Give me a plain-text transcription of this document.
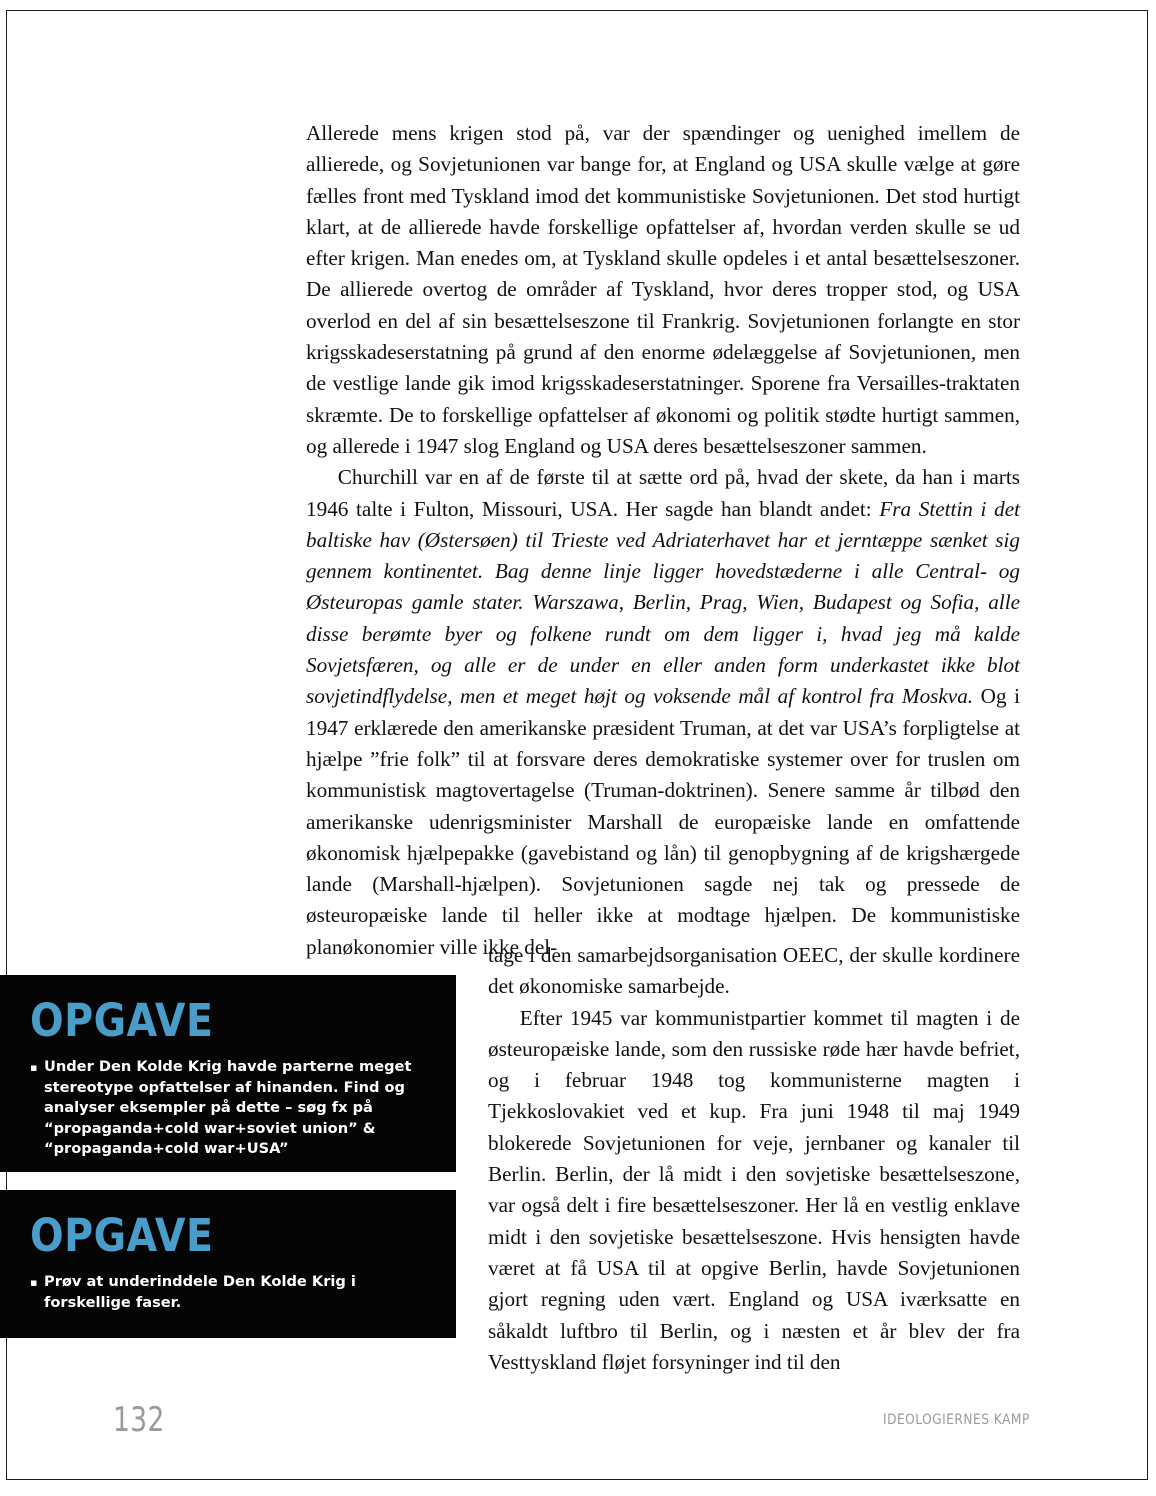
Allerede mens krigen stod på, var der spændinger og uenighed imellem de allierede, og Sovjetunionen var bange for, at England og USA skulle vælge at gøre fælles front med Tyskland imod det kommunistiske Sovjetunionen. Det stod hurtigt klart, at de allierede havde forskellige opfattelser af, hvordan verden skulle se ud efter krigen. Man enedes om, at Tyskland skulle opdeles i et antal besættelseszoner. De allierede overtog de områder af Tyskland, hvor deres tropper stod, og USA overlod en del af sin besættelseszone til Frankrig. Sovjetunionen forlangte en stor krigsskadeserstatning på grund af den enorme ødelæggelse af Sovjetunionen, men de vestlige lande gik imod krigsskadeserstatninger. Sporene fra Versailles-traktaten skræmte. De to forskellige opfattelser af økonomi og politik stødte hurtigt sammen, og allerede i 1947 slog England og USA deres besættelseszoner sammen.

Churchill var en af de første til at sætte ord på, hvad der skete, da han i marts 1946 talte i Fulton, Missouri, USA. Her sagde han blandt andet: Fra Stettin i det baltiske hav (Østersøen) til Trieste ved Adriaterhavet har et jerntæppe sænket sig gennem kontinentet. Bag denne linje ligger hovedstæderne i alle Central- og Østeuropas gamle stater. Warszawa, Berlin, Prag, Wien, Budapest og Sofia, alle disse berømte byer og folkene rundt om dem ligger i, hvad jeg må kalde Sovjetsfæren, og alle er de under en eller anden form underkastet ikke blot sovjetindflydelse, men et meget højt og voksende mål af kontrol fra Moskva. Og i 1947 erklærede den amerikanske præsident Truman, at det var USA’s forpligtelse at hjælpe ”frie folk” til at forsvare deres demokratiske systemer over for truslen om kommunistisk magtovertagelse (Truman-doktrinen). Senere samme år tilbød den amerikanske udenrigsminister Marshall de europæiske lande en omfattende økonomisk hjælpepakke (gavebistand og lån) til genopbygning af de krigshærgede lande (Marshall-hjælpen). Sovjetunionen sagde nej tak og pressede de østeuropæiske lande til heller ikke at modtage hjælpen. De kommunistiske planøkonomier ville ikke del-

tage i den samarbejdsorganisation OEEC, der skulle kordinere det økonomiske samarbejde.

Efter 1945 var kommunistpartier kommet til magten i de østeuropæiske lande, som den russiske røde hær havde befriet, og i februar 1948 tog kommunisterne magten i Tjekkoslovakiet ved et kup. Fra juni 1948 til maj 1949 blokerede Sovjetunionen for veje, jernbaner og kanaler til Berlin. Berlin, der lå midt i den sovjetiske besættelseszone, var også delt i fire besættelseszoner. Her lå en vestlig enklave midt i den sovjetiske besættelseszone. Hvis hensigten havde været at få USA til at opgive Berlin, havde Sovjetunionen gjort regning uden vært. England og USA iværksatte en såkaldt luftbro til Berlin, og i næsten et år blev der fra Vesttyskland fløjet forsyninger ind til den

OPGAVE
▪ Under Den Kolde Krig havde parterne meget stereotype opfattelser af hinanden. Find og analyser eksempler på dette – søg fx på “propaganda+cold war+soviet union” & “propaganda+cold war+USA”
OPGAVE
▪ Prøv at underinddele Den Kolde Krig i forskellige faser.
132	IDEOLOGIERNES KAMP
